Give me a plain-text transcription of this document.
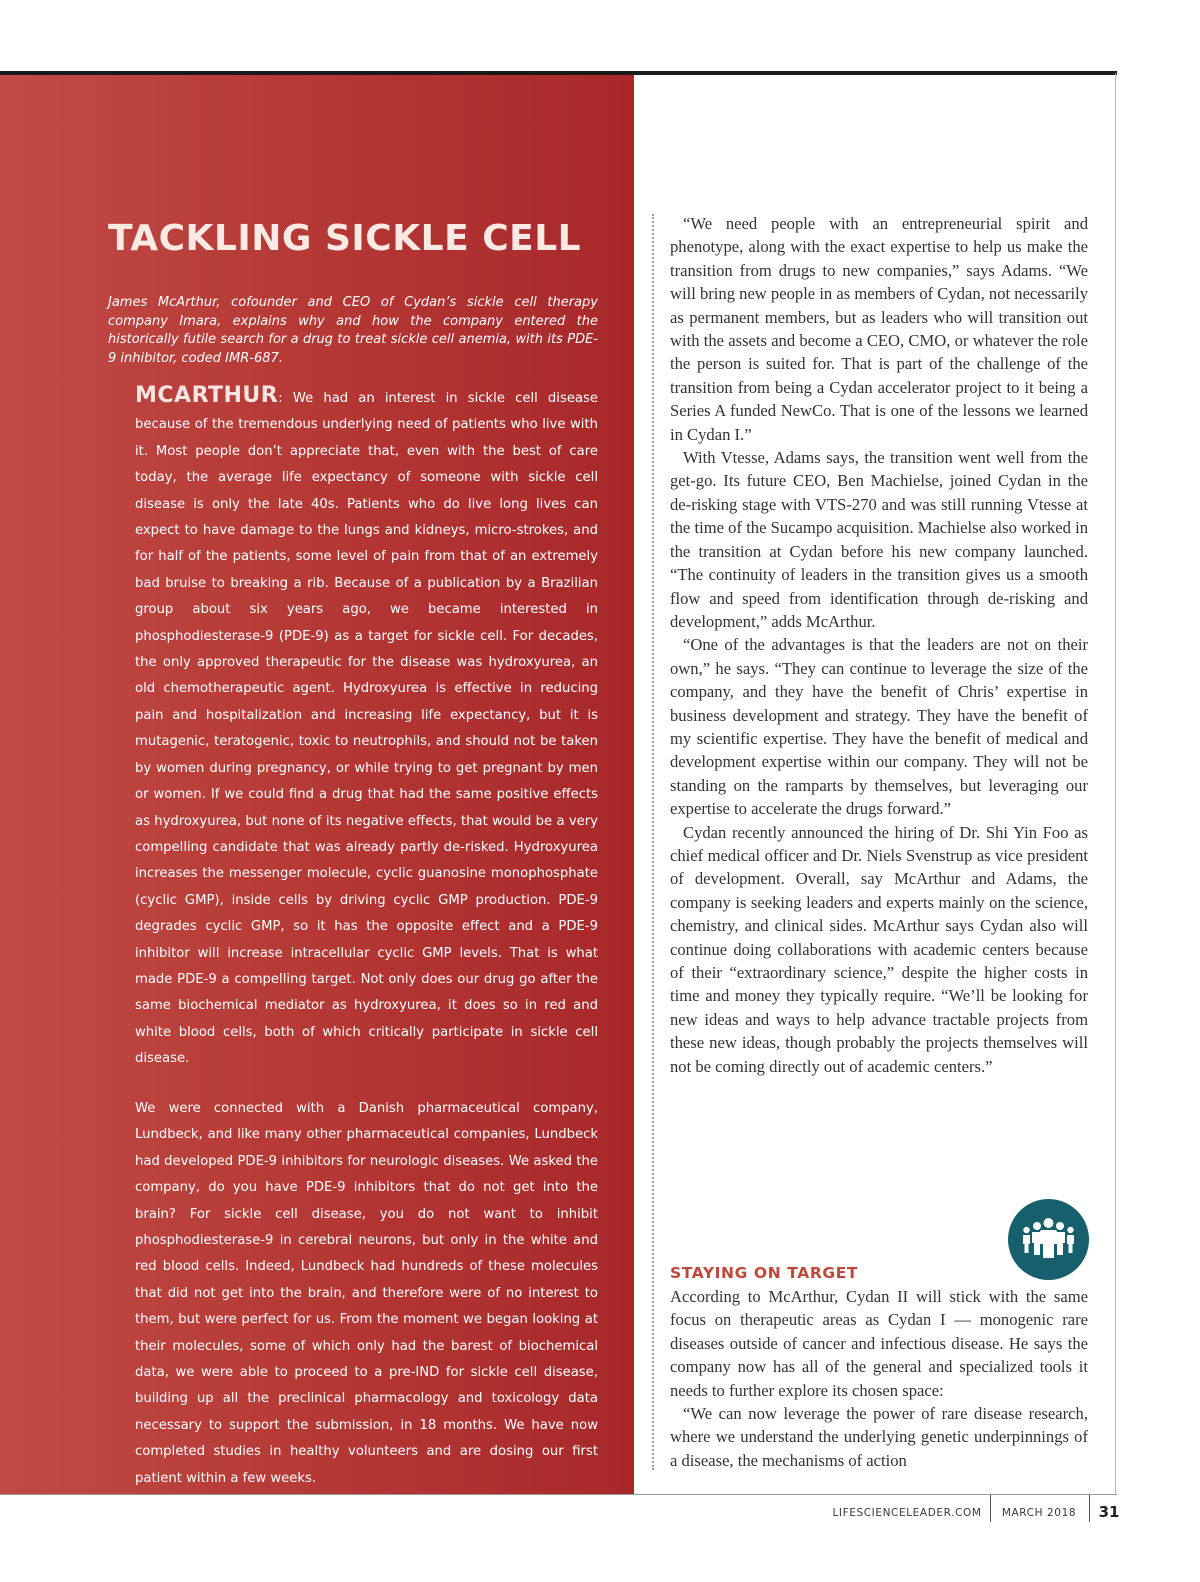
TACKLING SICKLE CELL

James McArthur, cofounder and CEO of Cydan’s sickle cell therapy company Imara, explains why and how the company entered the historically futile search for a drug to treat sickle cell anemia, with its PDE-9 inhibitor, coded IMR-687.

MCARTHUR: We had an interest in sickle cell disease because of the tremendous underlying need of patients who live with it. Most people don’t appreciate that, even with the best of care today, the average life expectancy of someone with sickle cell disease is only the late 40s. Patients who do live long lives can expect to have damage to the lungs and kidneys, micro-strokes, and for half of the patients, some level of pain from that of an extremely bad bruise to breaking a rib. Because of a publication by a Brazilian group about six years ago, we became interested in phosphodiesterase-9 (PDE-9) as a target for sickle cell. For decades, the only approved therapeutic for the disease was hydroxyurea, an old chemotherapeutic agent. Hydroxyurea is effective in reducing pain and hospitalization and increasing life expectancy, but it is mutagenic, teratogenic, toxic to neutrophils, and should not be taken by women during pregnancy, or while trying to get pregnant by men or women. If we could find a drug that had the same positive effects as hydroxyurea, but none of its negative effects, that would be a very compelling candidate that was already partly de-risked. Hydroxyurea increases the messenger molecule, cyclic guanosine monophosphate (cyclic GMP), inside cells by driving cyclic GMP production. PDE-9 degrades cyclic GMP, so it has the opposite effect and a PDE-9 inhibitor will increase intracellular cyclic GMP levels. That is what made PDE-9 a compelling target. Not only does our drug go after the same biochemical mediator as hydroxyurea, it does so in red and white blood cells, both of which critically participate in sickle cell disease.

We were connected with a Danish pharmaceutical company, Lundbeck, and like many other pharmaceutical companies, Lundbeck had developed PDE-9 inhibitors for neurologic diseases. We asked the company, do you have PDE-9 inhibitors that do not get into the brain? For sickle cell disease, you do not want to inhibit phosphodiesterase-9 in cerebral neurons, but only in the white and red blood cells. Indeed, Lundbeck had hundreds of these molecules that did not get into the brain, and therefore were of no interest to them, but were perfect for us. From the moment we began looking at their molecules, some of which only had the barest of biochemical data, we were able to proceed to a pre-IND for sickle cell disease, building up all the preclinical pharmacology and toxicology data necessary to support the submission, in 18 months. We have now completed studies in healthy volunteers and are dosing our first patient within a few weeks.

“We need people with an entrepreneurial spirit and phenotype, along with the exact expertise to help us make the transition from drugs to new companies,” says Adams. “We will bring new people in as members of Cydan, not necessarily as permanent members, but as leaders who will transition out with the assets and become a CEO, CMO, or whatever the role the person is suited for. That is part of the challenge of the transition from being a Cydan accelerator project to it being a Series A funded NewCo. That is one of the lessons we learned in Cydan I.”

With Vtesse, Adams says, the transition went well from the get-go. Its future CEO, Ben Machielse, joined Cydan in the de-risking stage with VTS-270 and was still running Vtesse at the time of the Sucampo acquisition. Machielse also worked in the transition at Cydan before his new company launched. “The continuity of leaders in the transition gives us a smooth flow and speed from identification through de-risking and development,” adds McArthur.

“One of the advantages is that the leaders are not on their own,” he says. “They can continue to leverage the size of the company, and they have the benefit of Chris’ expertise in business development and strategy. They have the benefit of my scientific expertise. They have the benefit of medical and development expertise within our company. They will not be standing on the ramparts by themselves, but leveraging our expertise to accelerate the drugs forward.”

Cydan recently announced the hiring of Dr. Shi Yin Foo as chief medical officer and Dr. Niels Svenstrup as vice president of development. Overall, say McArthur and Adams, the company is seeking leaders and experts mainly on the science, chemistry, and clinical sides. McArthur says Cydan also will continue doing collaborations with academic centers because of their “extraordinary science,” despite the higher costs in time and money they typically require. “We’ll be looking for new ideas and ways to help advance tractable projects from these new ideas, though probably the projects themselves will not be coming directly out of academic centers.”

STAYING ON TARGET

According to McArthur, Cydan II will stick with the same focus on therapeutic areas as Cydan I — monogenic rare diseases outside of cancer and infectious disease. He says the company now has all of the general and specialized tools it needs to further explore its chosen space:

“We can now leverage the power of rare disease research, where we understand the underlying genetic underpinnings of a disease, the mechanisms of action

LIFESCIENCELEADER.COM	MARCH 2018 31
